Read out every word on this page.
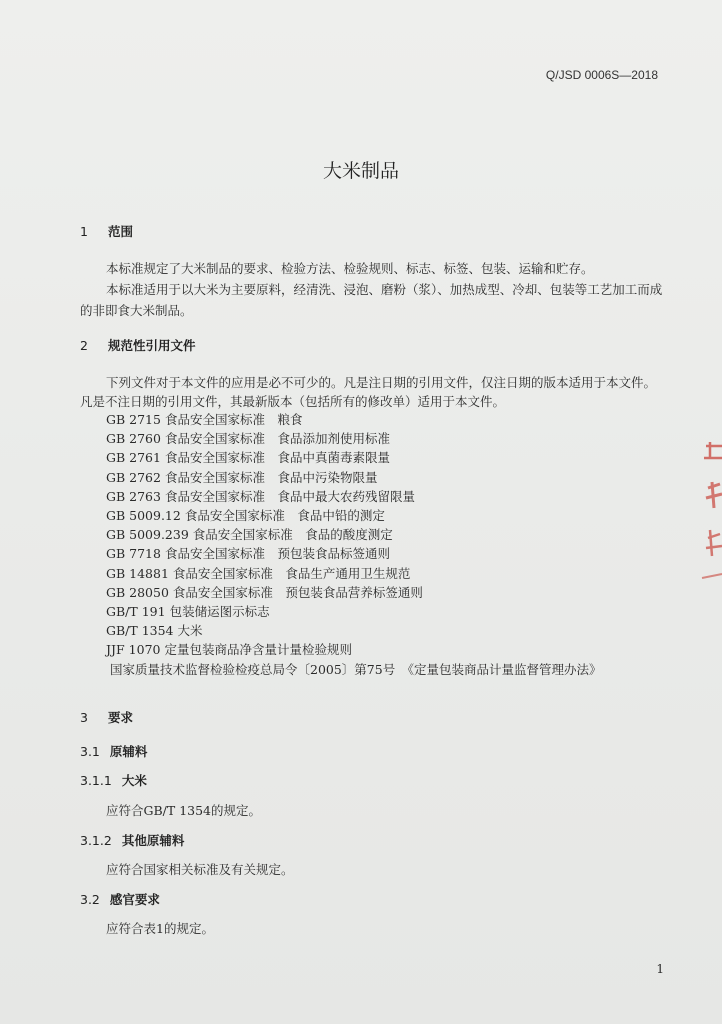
Q/JSD 0006S—2018
大米制品
1 范围
本标准规定了大米制品的要求、检验方法、检验规则、标志、标签、包装、运输和贮存。
本标准适用于以大米为主要原料，经清洗、浸泡、磨粉（浆）、加热成型、冷却、包装等工艺加工而成的非即食大米制品。
2 规范性引用文件
下列文件对于本文件的应用是必不可少的。凡是注日期的引用文件，仅注日期的版本适用于本文件。凡是不注日期的引用文件，其最新版本（包括所有的修改单）适用于本文件。
GB 2715 食品安全国家标准　粮食
GB 2760 食品安全国家标准　食品添加剂使用标准
GB 2761 食品安全国家标准　食品中真菌毒素限量
GB 2762 食品安全国家标准　食品中污染物限量
GB 2763 食品安全国家标准　食品中最大农药残留限量
GB 5009.12 食品安全国家标准　食品中铅的测定
GB 5009.239 食品安全国家标准　食品的酸度测定
GB 7718 食品安全国家标准　预包装食品标签通则
GB 14881 食品安全国家标准　食品生产通用卫生规范
GB 28050 食品安全国家标准　预包装食品营养标签通则
GB/T 191 包装储运图示标志
GB/T 1354 大米
JJF 1070 定量包装商品净含量计量检验规则
国家质量技术监督检验检疫总局令〔2005〕第75号　《定量包装商品计量监督管理办法》
3 要求
3.1 原辅料
3.1.1 大米
应符合GB/T 1354的规定。
3.1.2 其他原辅料
应符合国家相关标准及有关规定。
3.2 感官要求
应符合表1的规定。
1
